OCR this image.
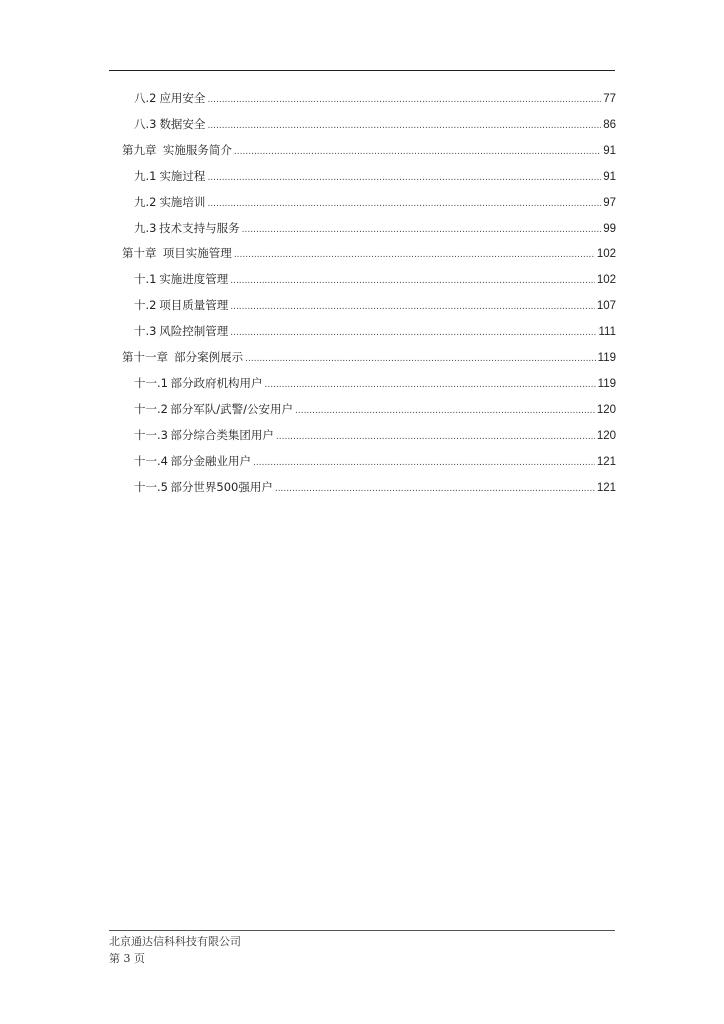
八.2 应用安全 .....	77
八.3 数据安全 .....	86
第九章 实施服务简介 .....	91
九.1 实施过程 .....	91
九.2 实施培训 .....	97
九.3 技术支持与服务 .....	99
第十章 项目实施管理 .....	102
十.1 实施进度管理 .....	102
十.2 项目质量管理 .....	107
十.3 风险控制管理 .....	111
第十一章 部分案例展示 .....	119
十一.1 部分政府机构用户 .....	119
十一.2 部分军队/武警/公安用户 .....	120
十一.3 部分综合类集团用户 .....	120
十一.4 部分金融业用户 .....	121
十一.5 部分世界500强用户 .....	121
北京通达信科科技有限公司
第 3 页
